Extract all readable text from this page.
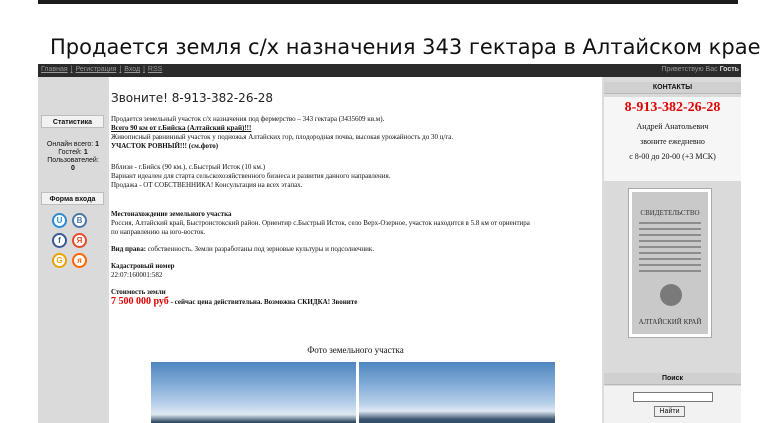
Продается земля с/х назначения 343 гектара в Алтайском крае
Главная | Регистрация | Вход | RSS	Приветствую Вас Гость
Статистика
Онлайн всего: 1
Гостей: 1
Пользователей:
0
Форма входа
U	В
f	Я
G	я
Звоните! 8-913-382-26-28

Продается земельный участок с/х назначения под фермерство – 343 гектара (3435609 кв.м).

Всего 90 км от г.Бийска (Алтайский край)!!!

Живописный равнинный участок у подножья Алтайских гор, плодородная почва, высокая урожайность до 30 ц/га.

УЧАСТОК РОВНЫЙ!!! (см.фото)

Вблизи - г.Бийск (90 км.), с.Быстрый Исток (10 км.)

Вариант идеален для старта сельскохозяйственного бизнеса и развития данного направления.

Продажа - ОТ СОБСТВЕННИКА! Консультация на всех этапах.

Местонахождение земельного участка

Россия, Алтайский край, Быстроистокский район. Ориентир с.Быстрый Исток, село Верх-Озерное, участок находится в 5.8 км от ориентира

по направлению на юго-восток.

Вид права: собственность. Земли разработаны под зерновые культуры и подсолнечник.

Кадастровый номер

22:07:160001:582

Стоимость земли

7 500 000 руб - сейчас цена действительна. Возможна СКИДКА! Звоните

Фото земельного участка
КОНТАКТЫ
8-913-382-26-28
Андрей Анатольевич
звоните ежедневно
с 8-00 до 20-00 (+3 МСК)
СВИДЕТЕЛЬСТВО
АЛТАЙСКИЙ КРАЙ
Поиск
Найти
